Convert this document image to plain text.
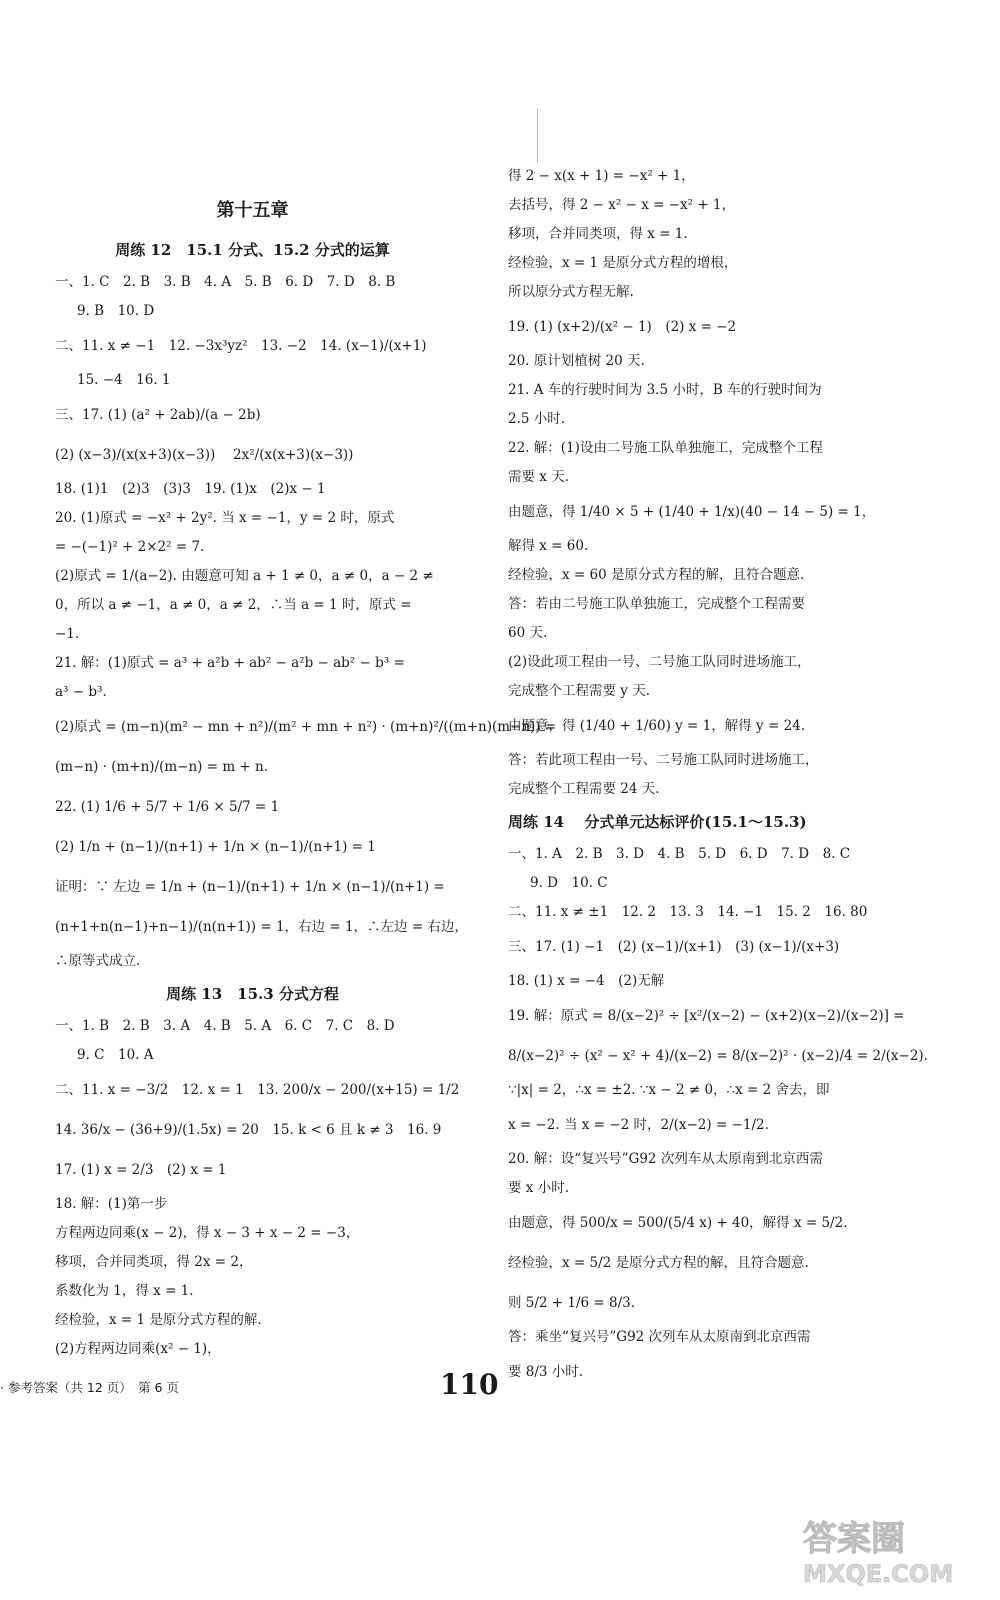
第十五章
周练 12　15.1 分式、15.2 分式的运算
一、1. C　2. B　3. B　4. A　5. B　6. D　7. D　8. B
9. B　10. D
二、11. x ≠ −1　12. −3x³yz²　13. −2　14. (x−1)/(x+1)
15. −4　16. 1
三、17. (1) (a² + 2ab)/(a − 2b)
(2) (x−3)/(x(x+3)(x−3))　 2x²/(x(x+3)(x−3))
18. (1)1　(2)3　(3)3　19. (1)x　(2)x − 1
20. (1)原式 = −x² + 2y². 当 x = −1，y = 2 时，原式
= −(−1)² + 2×2² = 7.
(2)原式 = 1/(a−2). 由题意可知 a + 1 ≠ 0，a ≠ 0，a − 2 ≠
0，所以 a ≠ −1，a ≠ 0，a ≠ 2，∴当 a = 1 时，原式 =
−1.
21. 解：(1)原式 = a³ + a²b + ab² − a²b − ab² − b³ =
a³ − b³.
(2)原式 = (m−n)(m² − mn + n²)/(m² + mn + n²) · (m+n)²/((m+n)(m−n)) =
(m−n) · (m+n)/(m−n) = m + n.
22. (1) 1/6 + 5/7 + 1/6 × 5/7 = 1
(2) 1/n + (n−1)/(n+1) + 1/n × (n−1)/(n+1) = 1
证明：∵ 左边 = 1/n + (n−1)/(n+1) + 1/n × (n−1)/(n+1) =
(n+1+n(n−1)+n−1)/(n(n+1)) = 1，右边 = 1，∴左边 = 右边，
∴原等式成立.
周练 13　15.3 分式方程
一、1. B　2. B　3. A　4. B　5. A　6. C　7. C　8. D
9. C　10. A
二、11. x = −3/2　12. x = 1　13. 200/x − 200/(x+15) = 1/2
14. 36/x − (36+9)/(1.5x) = 20　15. k < 6 且 k ≠ 3　16. 9
17. (1) x = 2/3　(2) x = 1
18. 解：(1)第一步
方程两边同乘(x − 2)，得 x − 3 + x − 2 = −3，
移项，合并同类项，得 2x = 2，
系数化为 1，得 x = 1.
经检验，x = 1 是原分式方程的解.
(2)方程两边同乘(x² − 1)，
得 2 − x(x + 1) = −x² + 1，
去括号，得 2 − x² − x = −x² + 1，
移项，合并同类项，得 x = 1.
经检验，x = 1 是原分式方程的增根，
所以原分式方程无解.
19. (1) (x+2)/(x² − 1)　(2) x = −2
20. 原计划植树 20 天.
21. A 车的行驶时间为 3.5 小时，B 车的行驶时间为
2.5 小时.
22. 解：(1)设由二号施工队单独施工，完成整个工程
需要 x 天.
由题意，得 1/40 × 5 + (1/40 + 1/x)(40 − 14 − 5) = 1，
解得 x = 60.
经检验，x = 60 是原分式方程的解，且符合题意.
答：若由二号施工队单独施工，完成整个工程需要
60 天.
(2)设此项工程由一号、二号施工队同时进场施工，
完成整个工程需要 y 天.
由题意，得 (1/40 + 1/60) y = 1，解得 y = 24.
答：若此项工程由一号、二号施工队同时进场施工，
完成整个工程需要 24 天.
周练 14　 分式单元达标评价(15.1～15.3)
一、1. A　2. B　3. D　4. B　5. D　6. D　7. D　8. C
9. D　10. C
二、11. x ≠ ±1　12. 2　13. 3　14. −1　15. 2　16. 80
三、17. (1) −1　(2) (x−1)/(x+1)　(3) (x−1)/(x+3)
18. (1) x = −4　(2)无解
19. 解：原式 = 8/(x−2)² ÷ [x²/(x−2) − (x+2)(x−2)/(x−2)] =
8/(x−2)² ÷ (x² − x² + 4)/(x−2) = 8/(x−2)² · (x−2)/4 = 2/(x−2).
∵|x| = 2，∴x = ±2. ∵x − 2 ≠ 0，∴x = 2 舍去，即
x = −2. 当 x = −2 时，2/(x−2) = −1/2.
20. 解：设“复兴号”G92 次列车从太原南到北京西需
要 x 小时.
由题意，得 500/x = 500/(5/4 x) + 40，解得 x = 5/2.
经检验，x = 5/2 是原分式方程的解，且符合题意.
则 5/2 + 1/6 = 8/3.
答：乘坐“复兴号”G92 次列车从太原南到北京西需
要 8/3 小时.
· 参考答案（共 12 页）　第 6 页	110
答案圈
MXQE.COM
